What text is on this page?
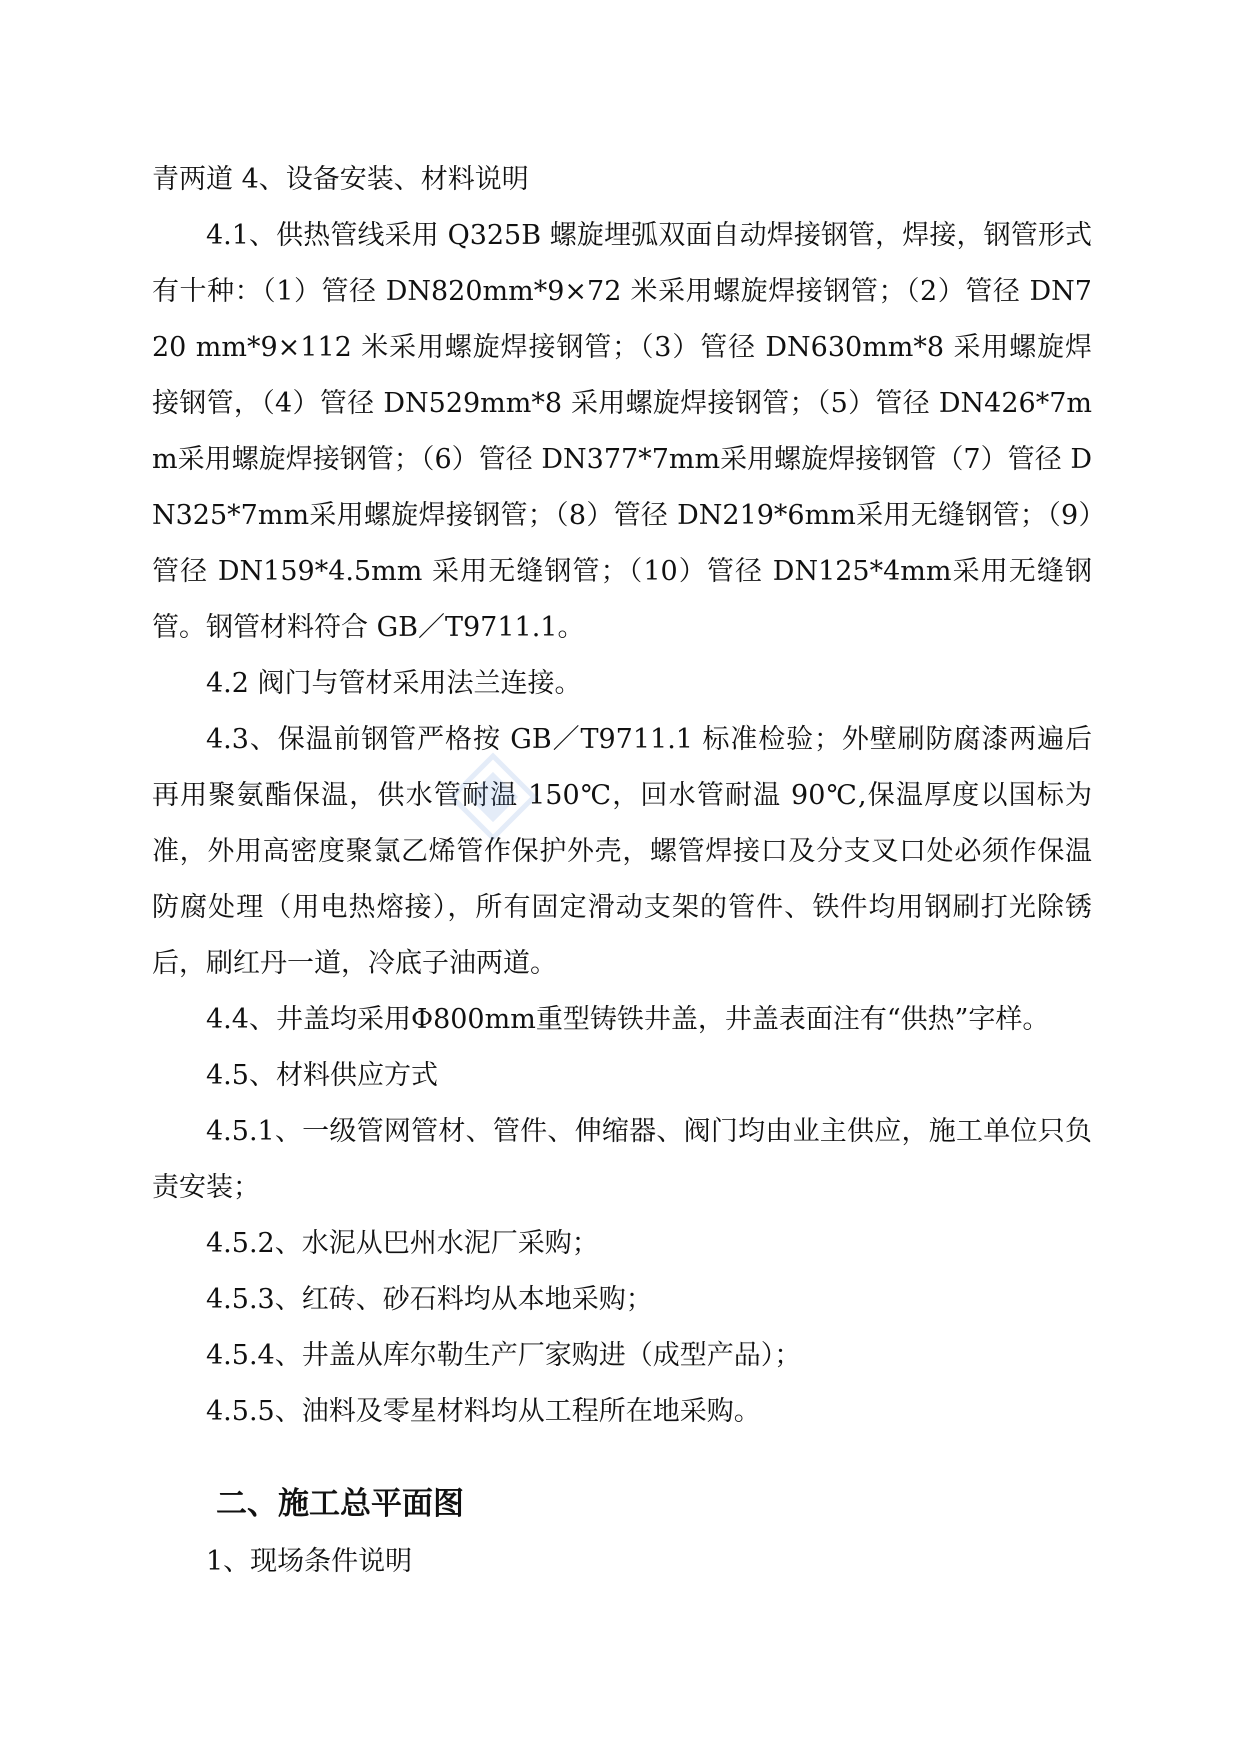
青两道 4、设备安装、材料说明

4.1、供热管线采用 Q325B 螺旋埋弧双面自动焊接钢管，焊接，钢管形式有十种：（1）管径 DN820mm*9×72 米采用螺旋焊接钢管；（2）管径 DN720 mm*9×112 米采用螺旋焊接钢管；（3）管径 DN630mm*8 采用螺旋焊接钢管，（4）管径 DN529mm*8 采用螺旋焊接钢管；（5）管径 DN426*7mm采用螺旋焊接钢管；（6）管径 DN377*7mm采用螺旋焊接钢管（7）管径 DN325*7mm采用螺旋焊接钢管；（8）管径 DN219*6mm采用无缝钢管；（9）管径 DN159*4.5mm 采用无缝钢管；（10）管径 DN125*4mm采用无缝钢管。钢管材料符合 GB／T9711.1。

4.2 阀门与管材采用法兰连接。

4.3、保温前钢管严格按 GB／T9711.1 标准检验；外壁刷防腐漆两遍后再用聚氨酯保温，供水管耐温 150℃，回水管耐温 90℃,保温厚度以国标为准，外用高密度聚氯乙烯管作保护外壳，螺管焊接口及分支叉口处必须作保温防腐处理（用电热熔接），所有固定滑动支架的管件、铁件均用钢刷打光除锈后，刷红丹一道，冷底子油两道。

4.4、井盖均采用Φ800mm重型铸铁井盖，井盖表面注有“供热”字样。

4.5、材料供应方式

4.5.1、一级管网管材、管件、伸缩器、阀门均由业主供应，施工单位只负责安装；

4.5.2、水泥从巴州水泥厂采购；

4.5.3、红砖、砂石料均从本地采购；

4.5.4、井盖从库尔勒生产厂家购进（成型产品）；

4.5.5、油料及零星材料均从工程所在地采购。

二、施工总平面图

1、现场条件说明
